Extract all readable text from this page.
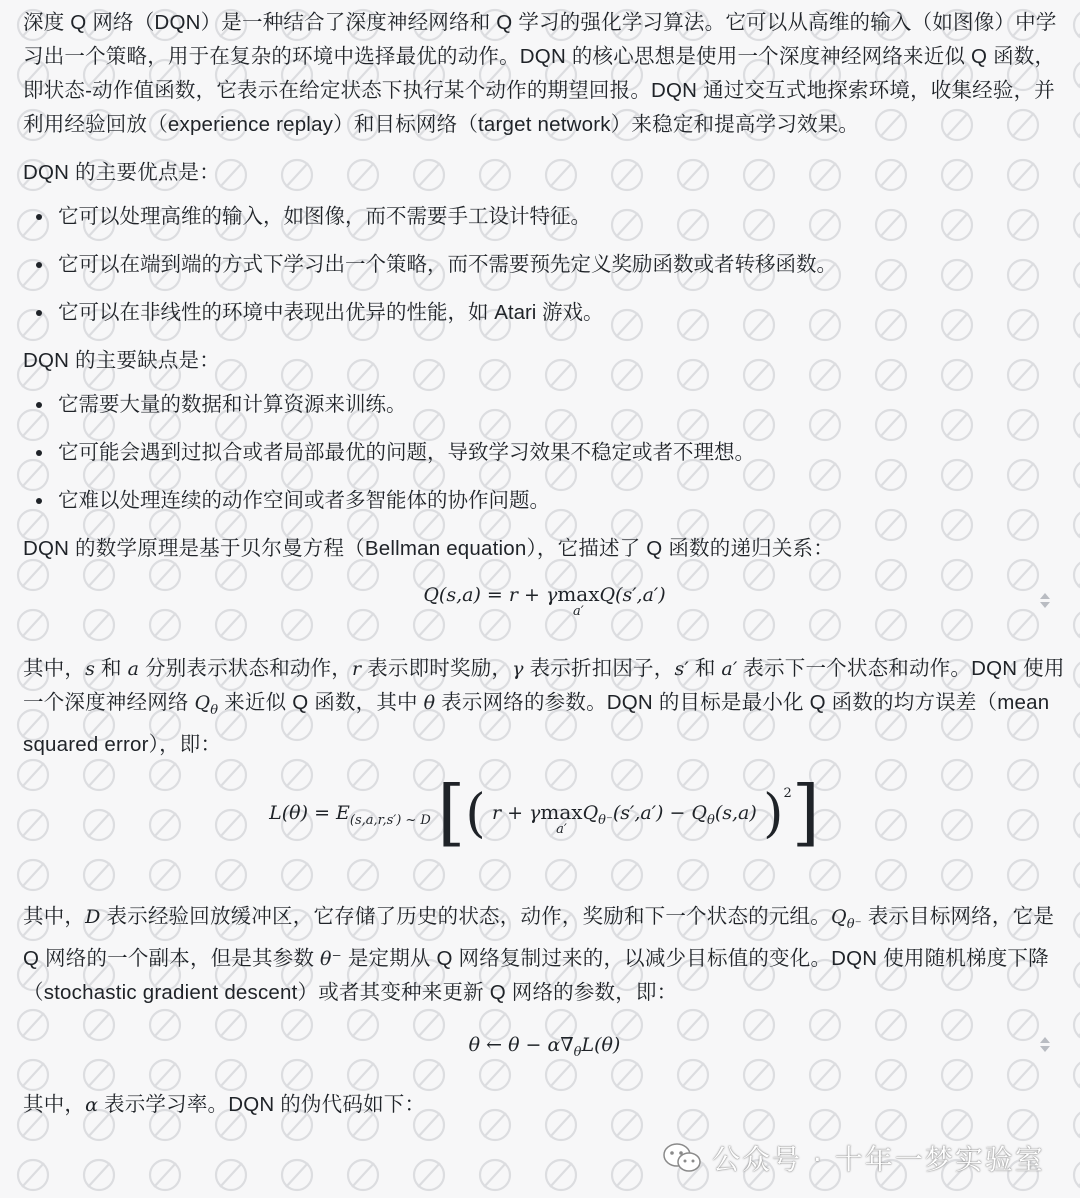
深度 Q 网络（DQN）是一种结合了深度神经网络和 Q 学习的强化学习算法。它可以从高维的输入（如图像）中学习出一个策略，用于在复杂的环境中选择最优的动作。DQN 的核心思想是使用一个深度神经网络来近似 Q 函数，即状态-动作值函数，它表示在给定状态下执行某个动作的期望回报。DQN 通过交互式地探索环境，收集经验，并利用经验回放（experience replay）和目标网络（target network）来稳定和提高学习效果。

DQN 的主要优点是：

它可以处理高维的输入，如图像，而不需要手工设计特征。
它可以在端到端的方式下学习出一个策略，而不需要预先定义奖励函数或者转移函数。
它可以在非线性的环境中表现出优异的性能，如 Atari 游戏。

DQN 的主要缺点是：

它需要大量的数据和计算资源来训练。
它可能会遇到过拟合或者局部最优的问题，导致学习效果不稳定或者不理想。
它难以处理连续的动作空间或者多智能体的协作问题。

DQN 的数学原理是基于贝尔曼方程（Bellman equation），它描述了 Q 函数的递归关系：

Q(s,a) = r + γmax
a′
Q(s′,a′)

其中，s 和 a 分别表示状态和动作，r 表示即时奖励，γ 表示折扣因子，s′ 和 a′ 表示下一个状态和动作。DQN 使用一个深度神经网络 $Q_\theta$ 来近似 Q 函数，其中 θ 表示网络的参数。DQN 的目标是最小化 Q 函数的均方误差（mean squared error），即：

$L(\theta) = E_{(s,a,r,s') \sim D}$ [( r + γmax
a′
$Q_{\theta^-}(s',a') - Q_\theta(s,a)$ )$^2$]

其中，D 表示经验回放缓冲区，它存储了历史的状态，动作，奖励和下一个状态的元组。$Q_{\theta^-}$ 表示目标网络，它是 Q 网络的一个副本，但是其参数 θ⁻ 是定期从 Q 网络复制过来的，以减少目标值的变化。DQN 使用随机梯度下降（stochastic gradient descent）或者其变种来更新 Q 网络的参数，即：

θ ← $\theta - \alpha\nabla_\theta L(\theta)$

其中，α 表示学习率。DQN 的伪代码如下：

公众号 · 十年一梦实验室
